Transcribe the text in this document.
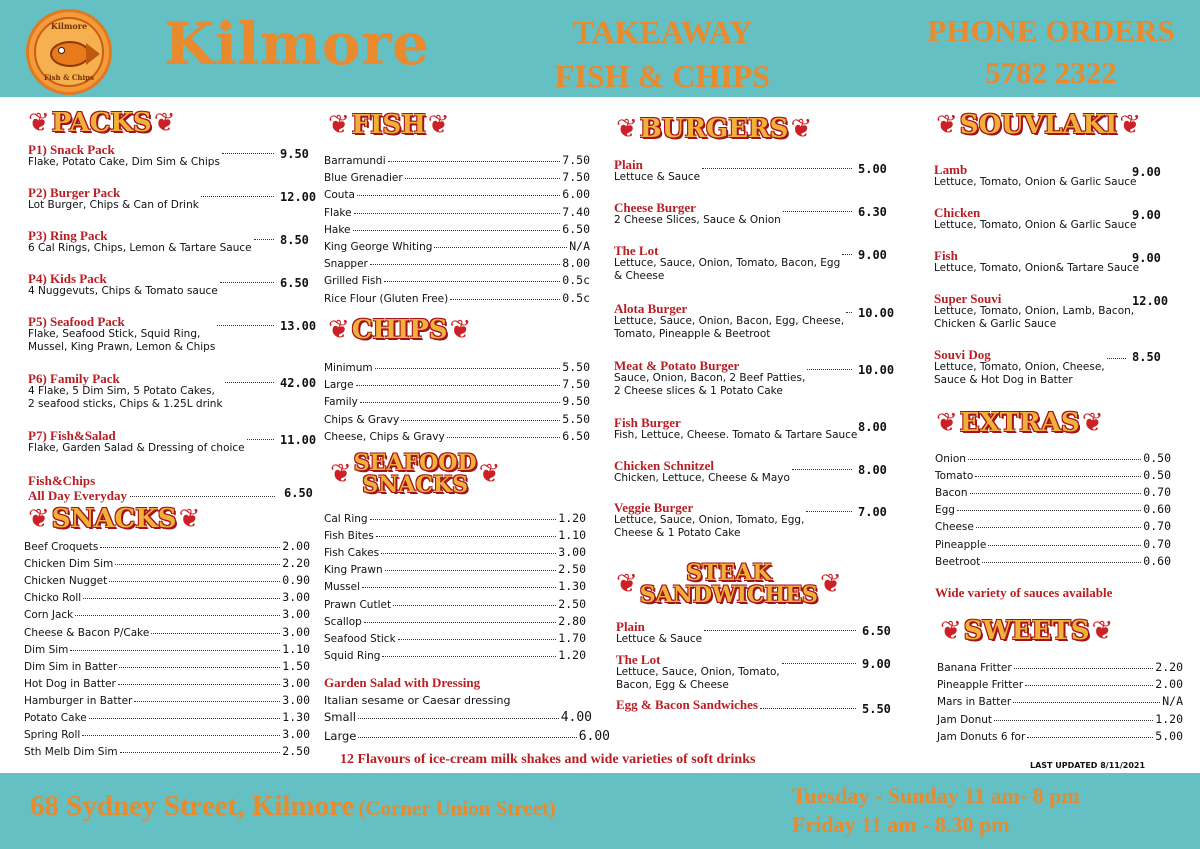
Kilmore
Fish & Chips Kilmore	TAKEAWAY
FISH & CHIPS
PHONE ORDERS
5782 2322
❦ PACKS ❦	❦ FISH ❦
❦ CHIPS ❦
❦ SEAFOOD
SNACKS ❦
❦ BURGERS ❦
❦	STEAK
SANDWICHES ❦
❦ SOUVLAKI ❦
❦ EXTRAS ❦
❦ SWEETS ❦
❦ SNACKS ❦
P1) Snack Pack
Flake, Potato Cake, Dim Sim & Chips
9.50
P2) Burger Pack
Lot Burger, Chips & Can of Drink
12.00
P3) Ring Pack
6 Cal Rings, Chips, Lemon & Tartare Sauce
8.50
P4) Kids Pack
4 Nuggevuts, Chips & Tomato sauce
6.50
P5) Seafood Pack
Flake, Seafood Stick, Squid Ring,
Mussel, King Prawn, Lemon & Chips
13.00
P6) Family Pack
4 Flake, 5 Dim Sim, 5 Potato Cakes,
2 seafood sticks, Chips & 1.25L drink
42.00
P7) Fish&Salad
Flake, Garden Salad & Dressing of choice
11.00
Fish&Chips
All Day Everyday	6.50
Beef Croquets	2.00
Chicken Dim Sim	2.20
Chicken Nugget	0.90
Chicko Roll	3.00
Corn Jack	3.00
Cheese & Bacon P/Cake	3.00
Dim Sim	1.10
Dim Sim in Batter	1.50
Hot Dog in Batter	3.00
Hamburger in Batter	3.00
Potato Cake	1.30
Spring Roll	3.00
Sth Melb Dim Sim	2.50
Barramundi	7.50
Blue Grenadier	7.50
Couta	6.00
Flake	7.40
Hake	6.50
King George Whiting	N/A
Snapper	8.00
Grilled Fish	0.5c
Rice Flour (Gluten Free)	0.5c
Minimum	5.50
Large	7.50
Family	9.50
Chips & Gravy	5.50
Cheese, Chips & Gravy	6.50
Cal Ring	1.20
Fish Bites	1.10
Fish Cakes	3.00
King Prawn	2.50
Mussel	1.30
Prawn Cutlet	2.50
Scallop	2.80
Seafood Stick	1.70
Squid Ring	1.20
Garden Salad with Dressing
Italian sesame or Caesar dressing
Small	4.00
Large	6.00
Plain
Lettuce & Sauce
5.00
Cheese Burger
2 Cheese Slices, Sauce & Onion
6.30
The Lot
Lettuce, Sauce, Onion, Tomato, Bacon, Egg
& Cheese
9.00
Alota Burger
Lettuce, Sauce, Onion, Bacon, Egg, Cheese,
Tomato, Pineapple & Beetroot
10.00
Meat & Potato Burger
Sauce, Onion, Bacon, 2 Beef Patties,
2 Cheese slices & 1 Potato Cake
10.00
Fish Burger
Fish, Lettuce, Cheese. Tomato & Tartare Sauce
8.00
Chicken Schnitzel
Chicken, Lettuce, Cheese & Mayo
8.00
Veggie Burger
Lettuce, Sauce, Onion, Tomato, Egg,
Cheese & 1 Potato Cake
7.00
Plain
Lettuce & Sauce
6.50
The Lot
Lettuce, Sauce, Onion, Tomato,
Bacon, Egg & Cheese
9.00
Egg & Bacon Sandwiches	5.50
Lamb
Lettuce, Tomato, Onion & Garlic Sauce
9.00
Chicken
Lettuce, Tomato, Onion & Garlic Sauce
9.00
Fish
Lettuce, Tomato, Onion& Tartare Sauce
9.00
Super Souvi
Lettuce, Tomato, Onion, Lamb, Bacon,
Chicken & Garlic Sauce
12.00
Souvi Dog
Lettuce, Tomato, Onion, Cheese,
Sauce & Hot Dog in Batter
8.50
Onion	0.50
Tomato	0.50
Bacon	0.70
Egg	0.60
Cheese	0.70
Pineapple	0.70
Beetroot	0.60
Wide variety of sauces available
Banana Fritter	2.20
Pineapple Fritter	2.00
Mars in Batter	N/A
Jam Donut	1.20
Jam Donuts 6 for	5.00
12 Flavours of ice-cream milk shakes and wide varieties of soft drinks	LAST UPDATED 8/11/2021
68 Sydney Street, Kilmore (Corner Union Street)	Tuesday - Sunday 11 am- 8 pm
Friday 11 am - 8.30 pm
